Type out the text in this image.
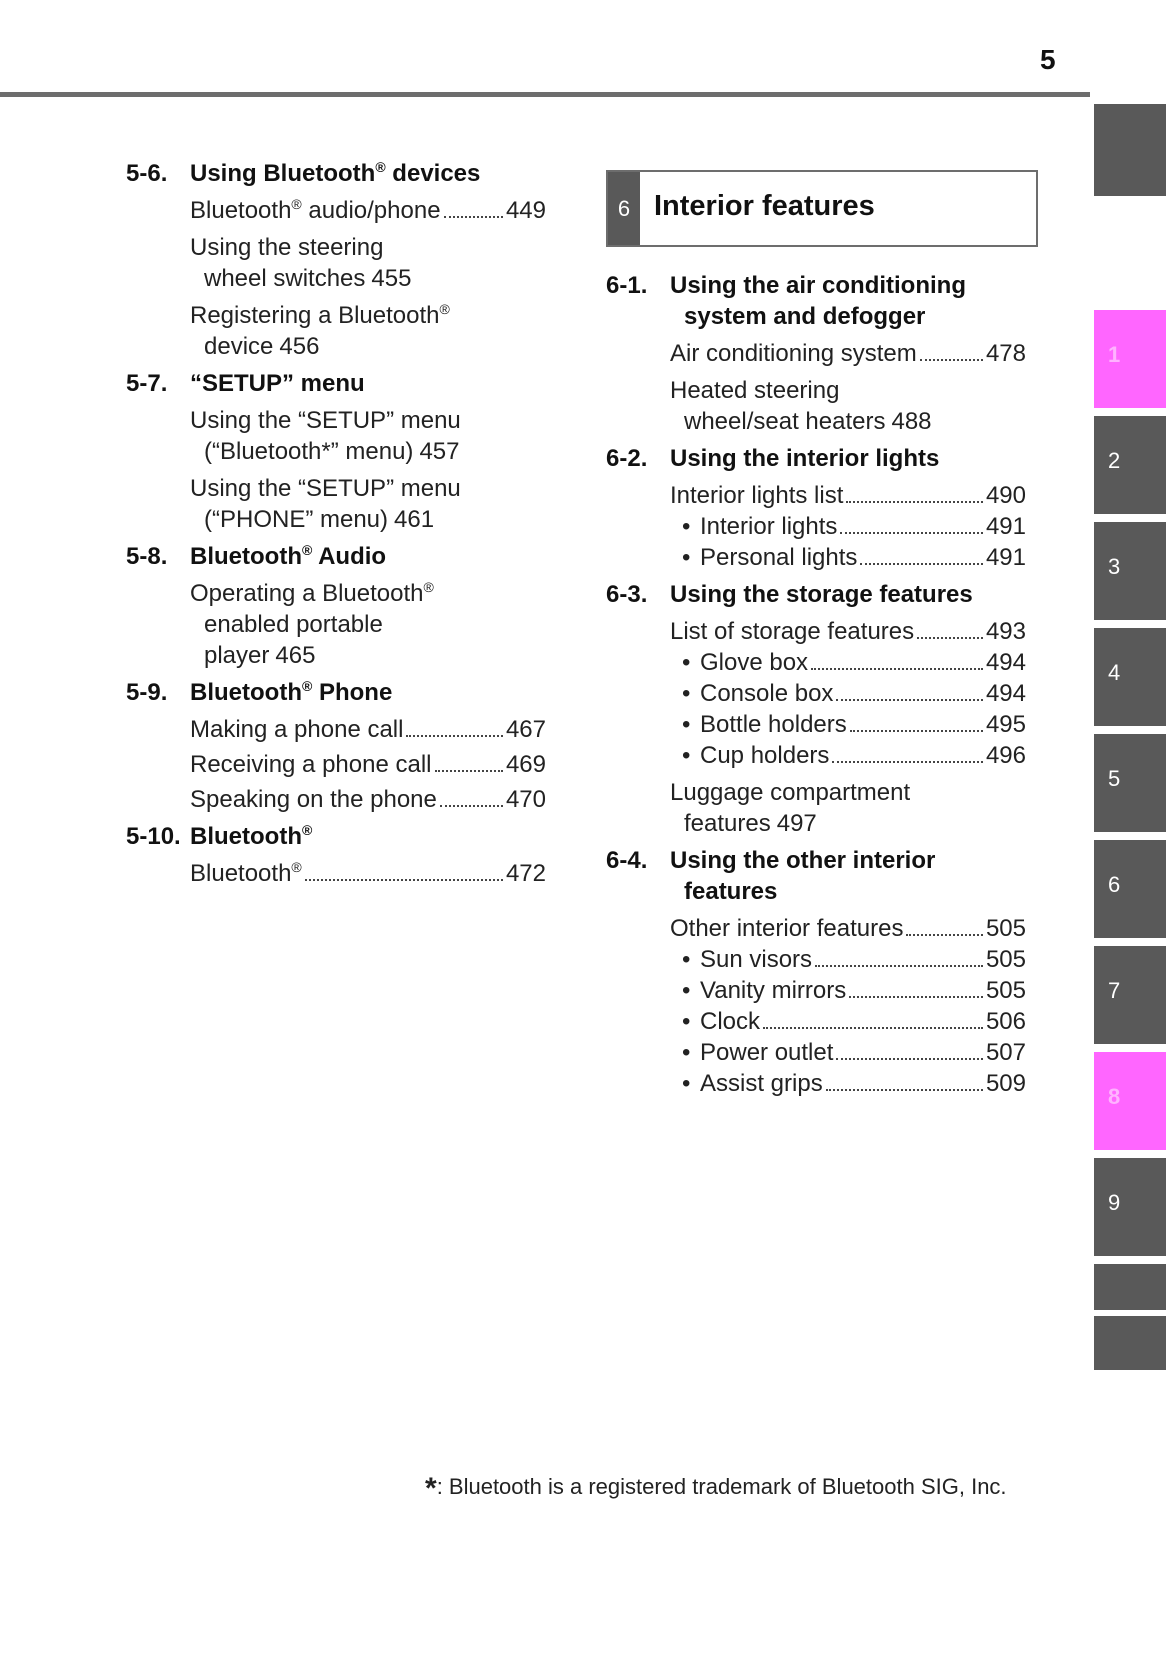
5
1
2
3
4
5
6
7
8
9
5-6. Using Bluetooth® devices
Bluetooth® audio/phone	449
Using the steering
wheel switches 455
Registering a Bluetooth®
device 456
5-7. “SETUP” menu
Using the “SETUP” menu
(“Bluetooth*” menu) 457
Using the “SETUP” menu
(“PHONE” menu) 461
5-8. Bluetooth® Audio
Operating a Bluetooth®
enabled portable
player 465
5-9. Bluetooth® Phone
Making a phone call	467
Receiving a phone call	469
Speaking on the phone	470
5-10. Bluetooth®
Bluetooth®	472
6 Interior features
6-1. Using the air conditioning
system and defogger
Air conditioning system	478
Heated steering
wheel/seat heaters 488
6-2. Using the interior lights
Interior lights list	490
• Interior lights	491
• Personal lights	491
6-3. Using the storage features
List of storage features	493
• Glove box	494
• Console box	494
• Bottle holders	495
• Cup holders	496
Luggage compartment
features 497
6-4. Using the other interior
features
Other interior features	505
• Sun visors	505
• Vanity mirrors	505
• Clock	506
• Power outlet	507
• Assist grips	509
*: Bluetooth is a registered trademark of Bluetooth SIG, Inc.
